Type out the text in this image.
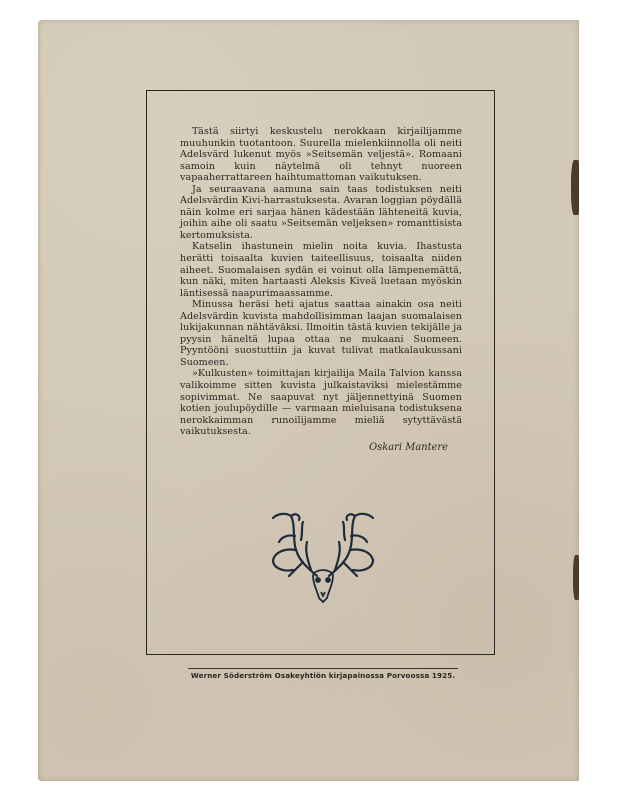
Tästä siirtyi keskustelu nerokkaan kirjailijamme muuhunkin tuotantoon. Suurella mielenkiinnolla oli neiti Adelsvärd lukenut myös »Seitsemän veljestä». Romaani samoin kuin näytelmä oli tehnyt nuoreen vapaaherrattareen haihtumattoman vaikutuksen.

Ja seuraavana aamuna sain taas todistuksen neiti Adelsvärdin Kivi-harrastuksesta. Avaran loggian pöydällä näin kolme eri sarjaa hänen kädestään lähteneitä kuvia, joihin aihe oli saatu »Seitsemän veljeksen» romanttisista kertomuksista.

Katselin ihastunein mielin noita kuvia. Ihastusta herätti toisaalta kuvien taiteellisuus, toisaalta niiden aiheet. Suomalaisen sydän ei voinut olla lämpenemättä, kun näki, miten hartaasti Aleksis Kiveä luetaan myöskin läntisessä naapurimaassamme.

Minussa heräsi heti ajatus saattaa ainakin osa neiti Adelsvärdin kuvista mahdollisimman laajan suomalaisen lukijakunnan nähtäväksi. Ilmoitin tästä kuvien tekijälle ja pyysin häneltä lupaa ottaa ne mukaani Suomeen. Pyyntööni suostuttiin ja kuvat tulivat matkalaukussani Suomeen.

»Kulkusten» toimittajan kirjailija Maila Talvion kanssa valikoimme sitten kuvista julkaistaviksi mielestämme sopivimmat. Ne saapuvat nyt jäljennettyinä Suomen kotien joulupöydille — varmaan mieluisana todistuksena nerokkaimman runoilijamme mieliä sytyttävästä vaikutuksesta.

Oskari Mantere
Werner Söderström Osakeyhtiön kirjapainossa Porvoossa 1925.
